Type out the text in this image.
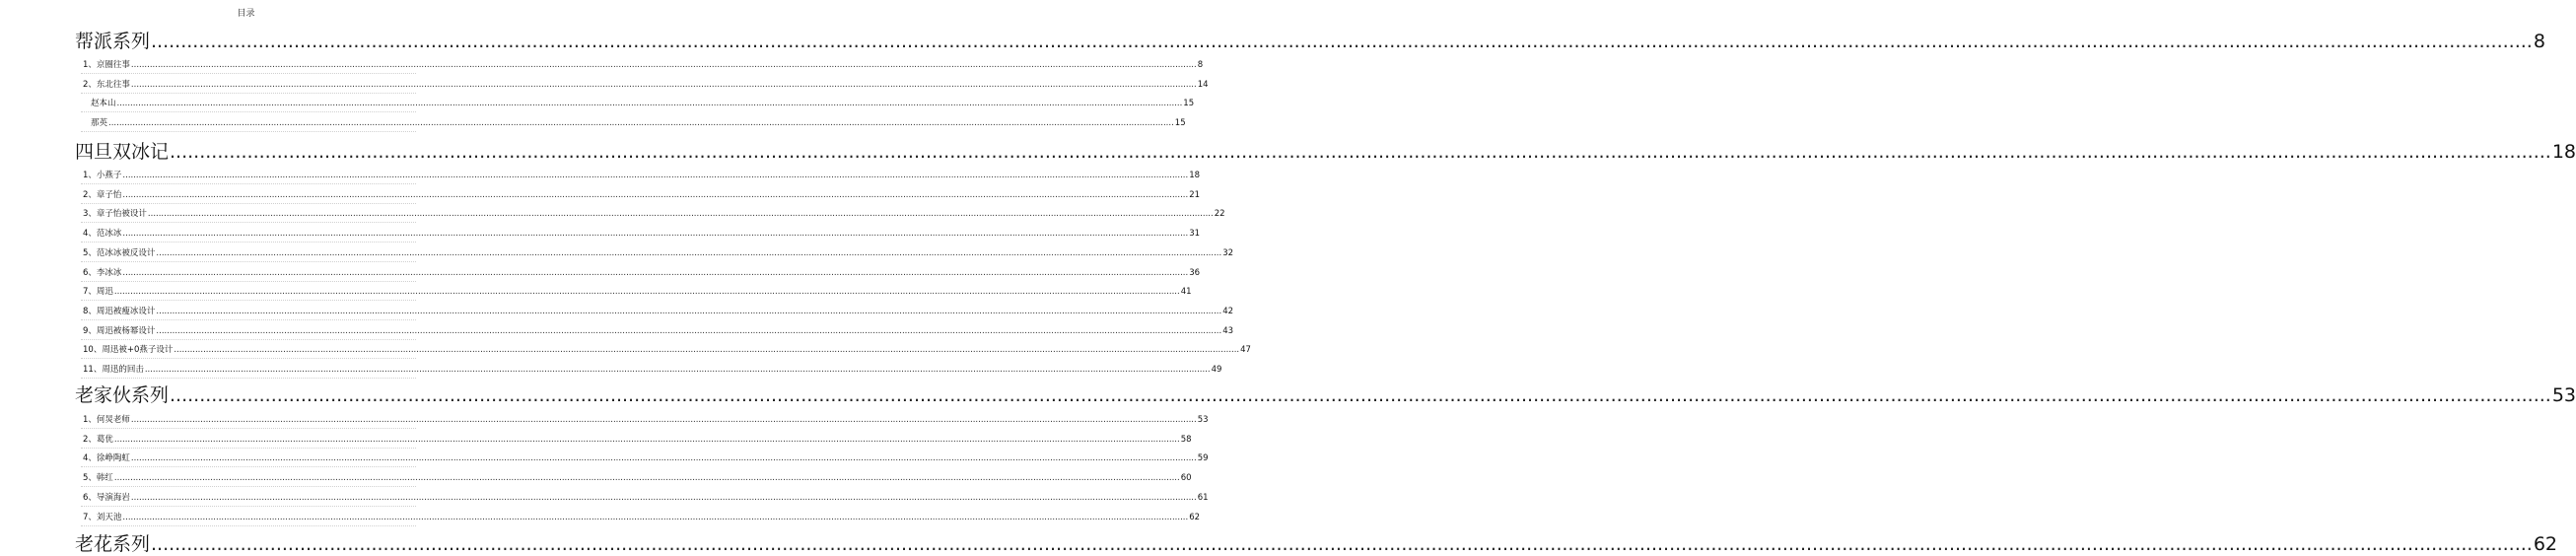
目录
帮派系列 ................................................................................................................................................................................................................................................................................................................................................................................................................ 8
1、京圈往事 ................................................................................................................................................................................................................................................................................................................................................................................................................ 8
2、东北往事 ................................................................................................................................................................................................................................................................................................................................................................................................................ 14
赵本山 ................................................................................................................................................................................................................................................................................................................................................................................................................ 15
那英 ................................................................................................................................................................................................................................................................................................................................................................................................................ 15
四旦双冰记 ................................................................................................................................................................................................................................................................................................................................................................................................................ 18
1、小燕子 ................................................................................................................................................................................................................................................................................................................................................................................................................ 18
2、章子怡 ................................................................................................................................................................................................................................................................................................................................................................................................................ 21
3、章子怡被设计 ................................................................................................................................................................................................................................................................................................................................................................................................................ 22
4、范冰冰 ................................................................................................................................................................................................................................................................................................................................................................................................................ 31
5、范冰冰被反设计 ................................................................................................................................................................................................................................................................................................................................................................................................................ 32
6、李冰冰 ................................................................................................................................................................................................................................................................................................................................................................................................................ 36
7、周迅 ................................................................................................................................................................................................................................................................................................................................................................................................................ 41
8、周迅被瘦冰设计 ................................................................................................................................................................................................................................................................................................................................................................................................................ 42
9、周迅被杨幂设计 ................................................................................................................................................................................................................................................................................................................................................................................................................ 43
10、周迅被+0燕子设计 ................................................................................................................................................................................................................................................................................................................................................................................................................ 47
11、周迅的回击 ................................................................................................................................................................................................................................................................................................................................................................................................................ 49
老家伙系列 ................................................................................................................................................................................................................................................................................................................................................................................................................ 53
1、何炅老师 ................................................................................................................................................................................................................................................................................................................................................................................................................ 53
2、葛优 ................................................................................................................................................................................................................................................................................................................................................................................................................ 58
4、徐峥陶虹 ................................................................................................................................................................................................................................................................................................................................................................................................................ 59
5、韩红 ................................................................................................................................................................................................................................................................................................................................................................................................................ 60
6、导演海岩 ................................................................................................................................................................................................................................................................................................................................................................................................................ 61
7、刘天池 ................................................................................................................................................................................................................................................................................................................................................................................................................ 62
老花系列 ................................................................................................................................................................................................................................................................................................................................................................................................................ 62
